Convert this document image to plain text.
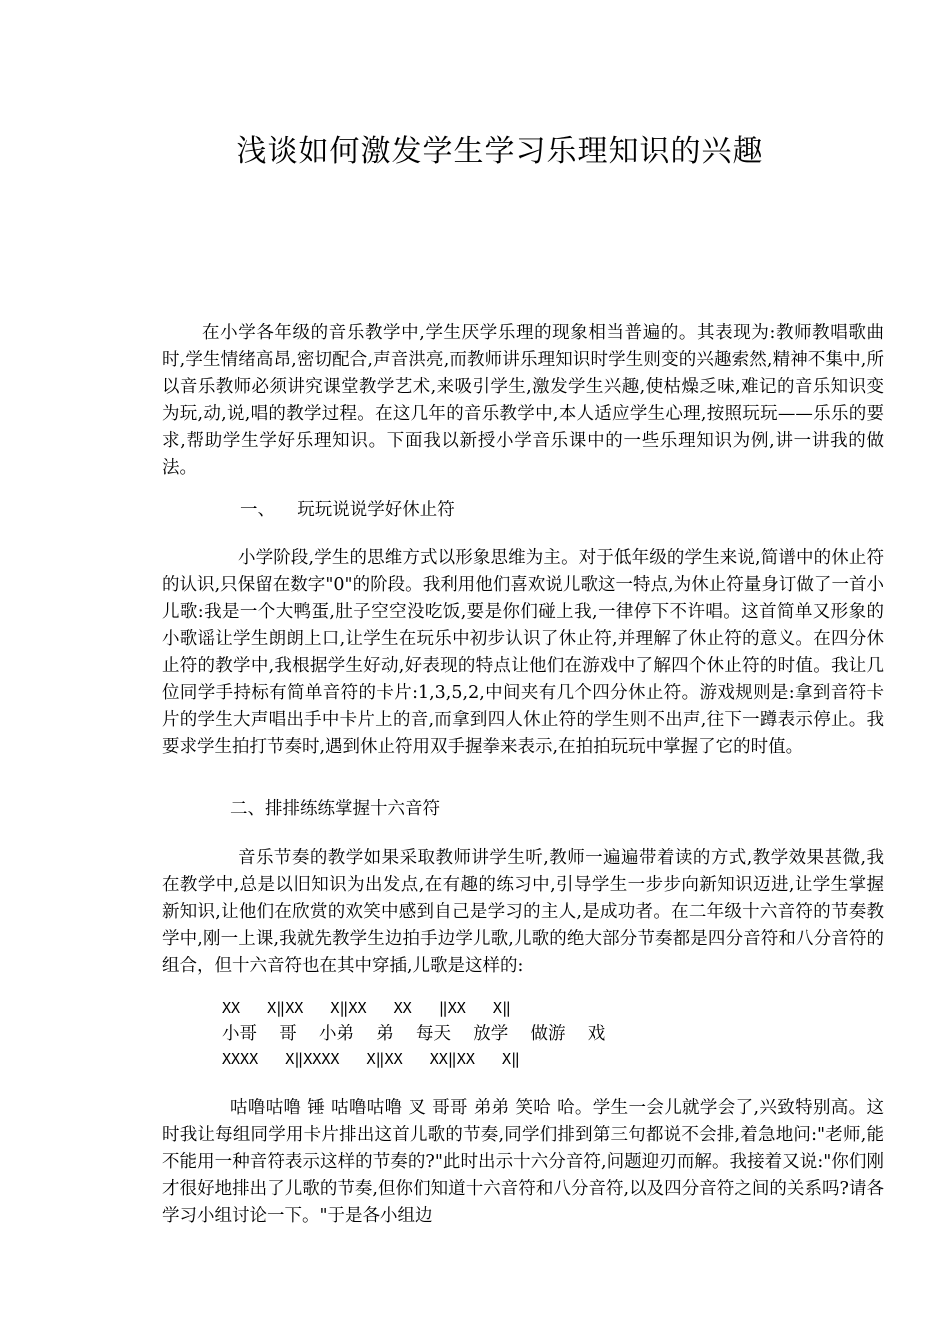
浅谈如何激发学生学习乐理知识的兴趣

在小学各年级的音乐教学中,学生厌学乐理的现象相当普遍的。其表现为:教师教唱歌曲时,学生情绪高昂,密切配合,声音洪亮,而教师讲乐理知识时学生则变的兴趣索然,精神不集中,所以音乐教师必须讲究课堂教学艺术,来吸引学生,激发学生兴趣,使枯燥乏味,难记的音乐知识变为玩,动,说,唱的教学过程。在这几年的音乐教学中,本人适应学生心理,按照玩玩——乐乐的要求,帮助学生学好乐理知识。下面我以新授小学音乐课中的一些乐理知识为例,讲一讲我的做法。

一、    玩玩说说学好休止符

小学阶段,学生的思维方式以形象思维为主。对于低年级的学生来说,简谱中的休止符的认识,只保留在数字"0"的阶段。我利用他们喜欢说儿歌这一特点,为休止符量身订做了一首小儿歌:我是一个大鸭蛋,肚子空空没吃饭,要是你们碰上我,一律停下不许唱。这首简单又形象的小歌谣让学生朗朗上口,让学生在玩乐中初步认识了休止符,并理解了休止符的意义。在四分休止符的教学中,我根据学生好动,好表现的特点让他们在游戏中了解四个休止符的时值。我让几位同学手持标有简单音符的卡片:1,3,5,2,中间夹有几个四分休止符。游戏规则是:拿到音符卡片的学生大声唱出手中卡片上的音,而拿到四人休止符的学生则不出声,往下一蹲表示停止。我要求学生拍打节奏时,遇到休止符用双手握拳来表示,在拍拍玩玩中掌握了它的时值。

二、排排练练掌握十六音符

音乐节奏的教学如果采取教师讲学生听,教师一遍遍带着读的方式,教学效果甚微,我在教学中,总是以旧知识为出发点,在有趣的练习中,引导学生一步步向新知识迈进,让学生掌握新知识,让他们在欣赏的欢笑中感到自己是学习的主人,是成功者。在二年级十六音符的节奏教学中,刚一上课,我就先教学生边拍手边学儿歌,儿歌的绝大部分节奏都是四分音符和八分音符的组合，但十六音符也在其中穿插,儿歌是这样的:

XX   X‖XX   X‖XX   XX   ‖XX   X‖

小哥    哥    小弟    弟    每天    放学    做游    戏

XXXX   X‖XXXX   X‖XX   XX‖XX   X‖

咕噜咕噜 锤 咕噜咕噜 叉 哥哥 弟弟 笑哈 哈。学生一会儿就学会了,兴致特别高。这时我让每组同学用卡片排出这首儿歌的节奏,同学们排到第三句都说不会排,着急地问:"老师,能不能用一种音符表示这样的节奏的?"此时出示十六分音符,问题迎刃而解。我接着又说:"你们刚才很好地排出了儿歌的节奏,但你们知道十六音符和八分音符,以及四分音符之间的关系吗?请各学习小组讨论一下。"于是各小组边
